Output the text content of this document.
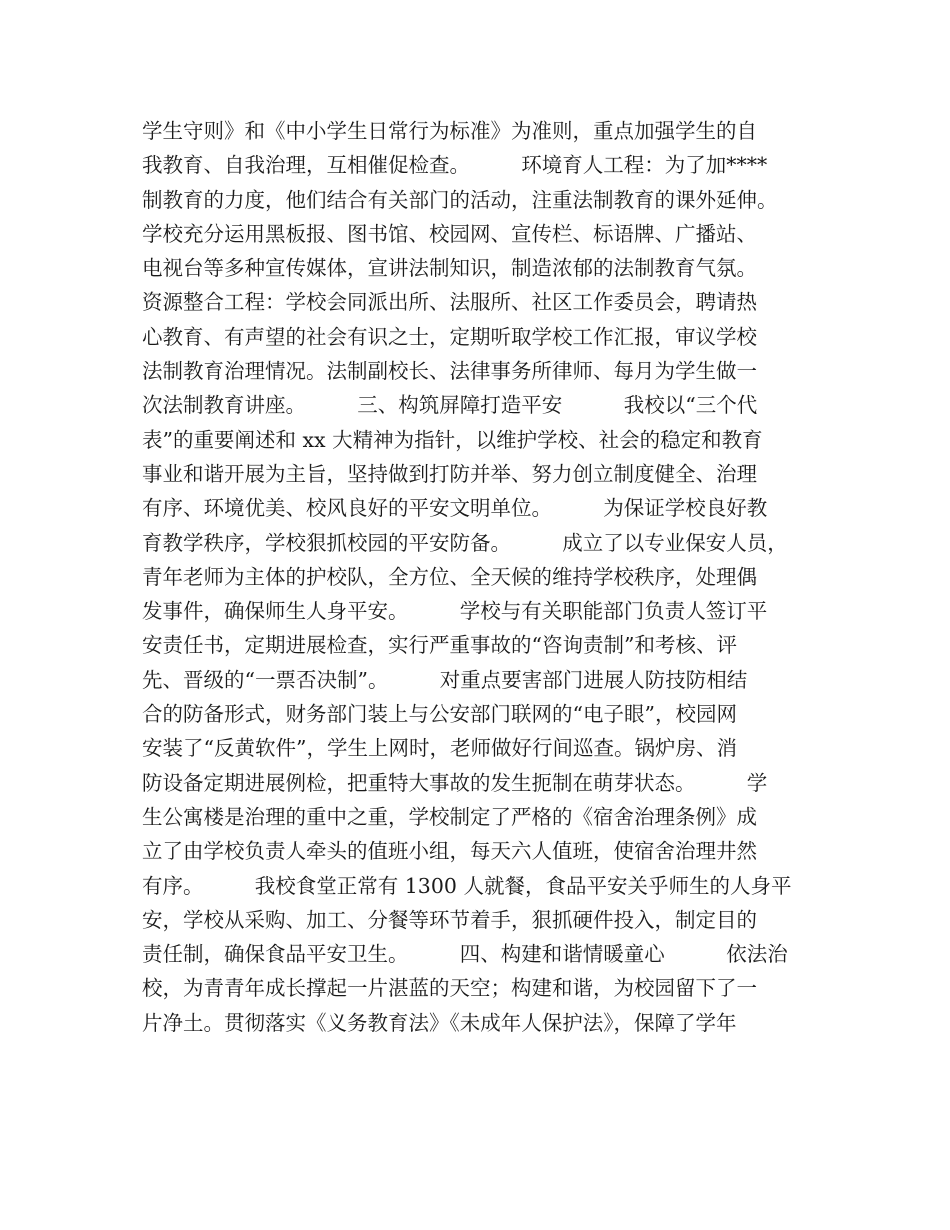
学生守则》和《中小学生日常行为标准》为准则，重点加强学生的自
我教育、自我治理，互相催促检查。　　　环境育人工程：为了加****
制教育的力度，他们结合有关部门的活动，注重法制教育的课外延伸。
学校充分运用黑板报、图书馆、校园网、宣传栏、标语牌、广播站、
电视台等多种宣传媒体，宣讲法制知识，制造浓郁的法制教育气氛。
资源整合工程：学校会同派出所、法服所、社区工作委员会，聘请热
心教育、有声望的社会有识之士，定期听取学校工作汇报，审议学校
法制教育治理情况。法制副校长、法律事务所律师、每月为学生做一
次法制教育讲座。　　　三、构筑屏障打造平安　　　我校以“三个代
表”的重要阐述和 xx 大精神为指针，以维护学校、社会的稳定和教育
事业和谐开展为主旨，坚持做到打防并举、努力创立制度健全、治理
有序、环境优美、校风良好的平安文明单位。　　　为保证学校良好教
育教学秩序，学校狠抓校园的平安防备。　　　成立了以专业保安人员，
青年老师为主体的护校队，全方位、全天候的维持学校秩序，处理偶
发事件，确保师生人身平安。　　　学校与有关职能部门负责人签订平
安责任书，定期进展检查，实行严重事故的“咨询责制”和考核、评
先、晋级的“一票否决制”。　　　对重点要害部门进展人防技防相结
合的防备形式，财务部门装上与公安部门联网的“电子眼”，校园网
安装了“反黄软件”，学生上网时，老师做好行间巡查。锅炉房、消
防设备定期进展例检，把重特大事故的发生扼制在萌芽状态。　　　学
生公寓楼是治理的重中之重，学校制定了严格的《宿舍治理条例》成
立了由学校负责人牵头的值班小组，每天六人值班，使宿舍治理井然
有序。　　　我校食堂正常有 1300 人就餐，食品平安关乎师生的人身平
安，学校从采购、加工、分餐等环节着手，狠抓硬件投入，制定目的
责任制，确保食品平安卫生。　　　四、构建和谐情暖童心　　　依法治
校，为青青年成长撑起一片湛蓝的天空；构建和谐，为校园留下了一
片净土。贯彻落实《义务教育法》《未成年人保护法》，保障了学年
